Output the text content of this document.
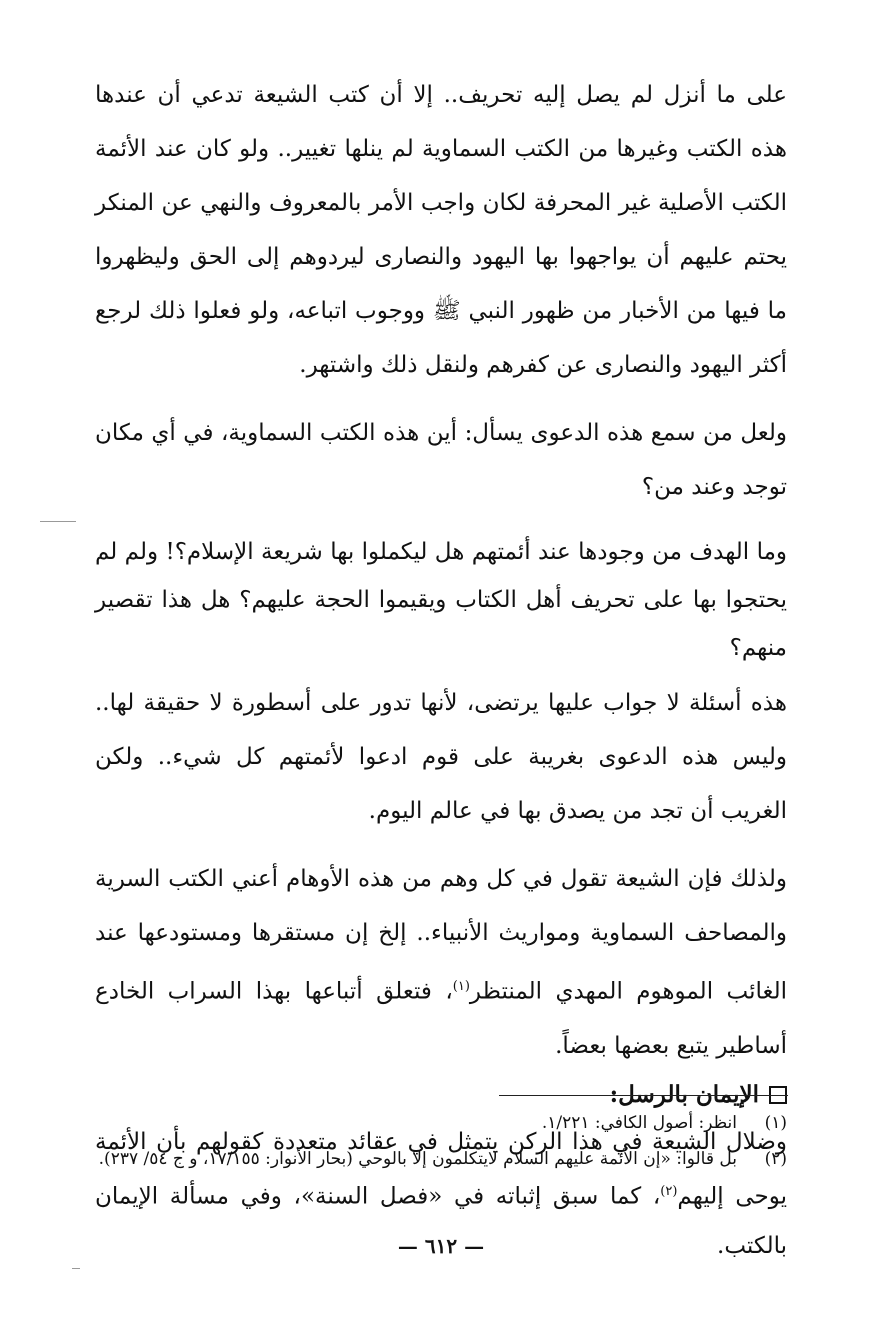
على ما أنزل لم يصل إليه تحريف.. إلا أن كتب الشيعة تدعي أن عندها هذه الكتب وغيرها من الكتب السماوية لم ينلها تغيير.. ولو كان عند الأئمة الكتب الأصلية غير المحرفة لكان واجب الأمر بالمعروف والنهي عن المنكر يحتم عليهم أن يواجهوا بها اليهود والنصارى ليردوهم إلى الحق وليظهروا ما فيها من الأخبار من ظهور النبي ﷺ ووجوب اتباعه، ولو فعلوا ذلك لرجع أكثر اليهود والنصارى عن كفرهم ولنقل ذلك واشتهر.

ولعل من سمع هذه الدعوى يسأل: أين هذه الكتب السماوية، في أي مكان توجد وعند من؟

وما الهدف من وجودها عند أئمتهم هل ليكملوا بها شريعة الإسلام؟! ولم لم يحتجوا بها على تحريف أهل الكتاب ويقيموا الحجة عليهم؟ هل هذا تقصير منهم؟

هذه أسئلة لا جواب عليها يرتضى، لأنها تدور على أسطورة لا حقيقة لها.. وليس هذه الدعوى بغريبة على قوم ادعوا لأئمتهم كل شيء.. ولكن الغريب أن تجد من يصدق بها في عالم اليوم.

ولذلك فإن الشيعة تقول في كل وهم من هذه الأوهام أعني الكتب السرية والمصاحف السماوية ومواريث الأنبياء.. إلخ إن مستقرها ومستودعها عند الغائب الموهوم المهدي المنتظر$^{(١)}$، فتعلق أتباعها بهذا السراب الخادع أساطير يتبع بعضها بعضاً.

الإيمان بالرسل:

وضلال الشيعة في هذا الركن يتمثل في عقائد متعددة كقولهم بأن الأئمة يوحى إليهم$^{(٢)}$، كما سبق إثباته في «فصل السنة»، وفي مسألة الإيمان بالكتب.

(١)
انظر: أصول الكافي: ١/٢٢١.
(٢)
بل قالوا: «إن الأئمة عليهم السلام لايتكلمون إلا بالوحي (بحار الأنوار: ١٧/١٥٥، و ج ٥٤/ ٢٣٧).
— ٦١٢ —
